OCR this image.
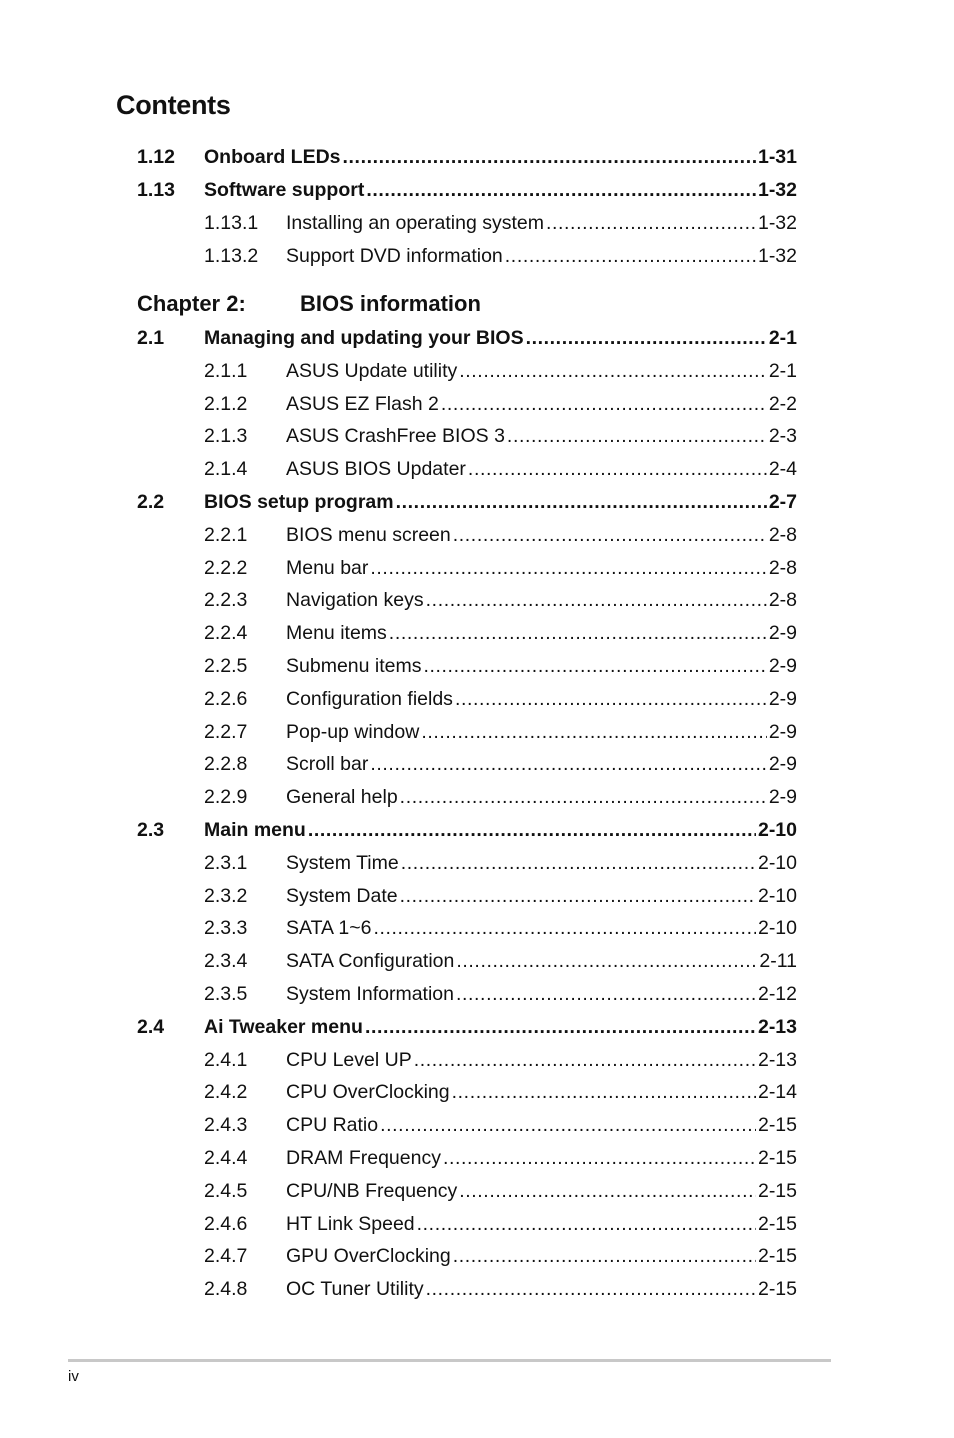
Contents
Chapter 2: BIOS information
1.12 Onboard LEDs .....	1-31
1.13 Software support .....	1-32
1.13.1 Installing an operating system .....	1-32
1.13.2 Support DVD information .....	1-32
2.1 Managing and updating your BIOS .....	2-1
2.1.1 ASUS Update utility .....	2-1
2.1.2 ASUS EZ Flash 2 .....	2-2
2.1.3 ASUS CrashFree BIOS 3 .....	2-3
2.1.4 ASUS BIOS Updater .....	2-4
2.2 BIOS setup program .....	2-7
2.2.1 BIOS menu screen .....	2-8
2.2.2 Menu bar .....	2-8
2.2.3 Navigation keys .....	2-8
2.2.4 Menu items .....	2-9
2.2.5 Submenu items .....	2-9
2.2.6 Configuration fields .....	2-9
2.2.7 Pop-up window .....	2-9
2.2.8 Scroll bar .....	2-9
2.2.9 General help .....	2-9
2.3 Main menu .....	2-10
2.3.1 System Time .....	2-10
2.3.2 System Date .....	2-10
2.3.3 SATA 1~6 .....	2-10
2.3.4 SATA Configuration .....	2-11
2.3.5 System Information .....	2-12
2.4 Ai Tweaker menu .....	2-13
2.4.1 CPU Level UP .....	2-13
2.4.2 CPU OverClocking .....	2-14
2.4.3 CPU Ratio .....	2-15
2.4.4 DRAM Frequency .....	2-15
2.4.5 CPU/NB Frequency .....	2-15
2.4.6 HT Link Speed .....	2-15
2.4.7 GPU OverClocking .....	2-15
2.4.8 OC Tuner Utility .....	2-15
iv
